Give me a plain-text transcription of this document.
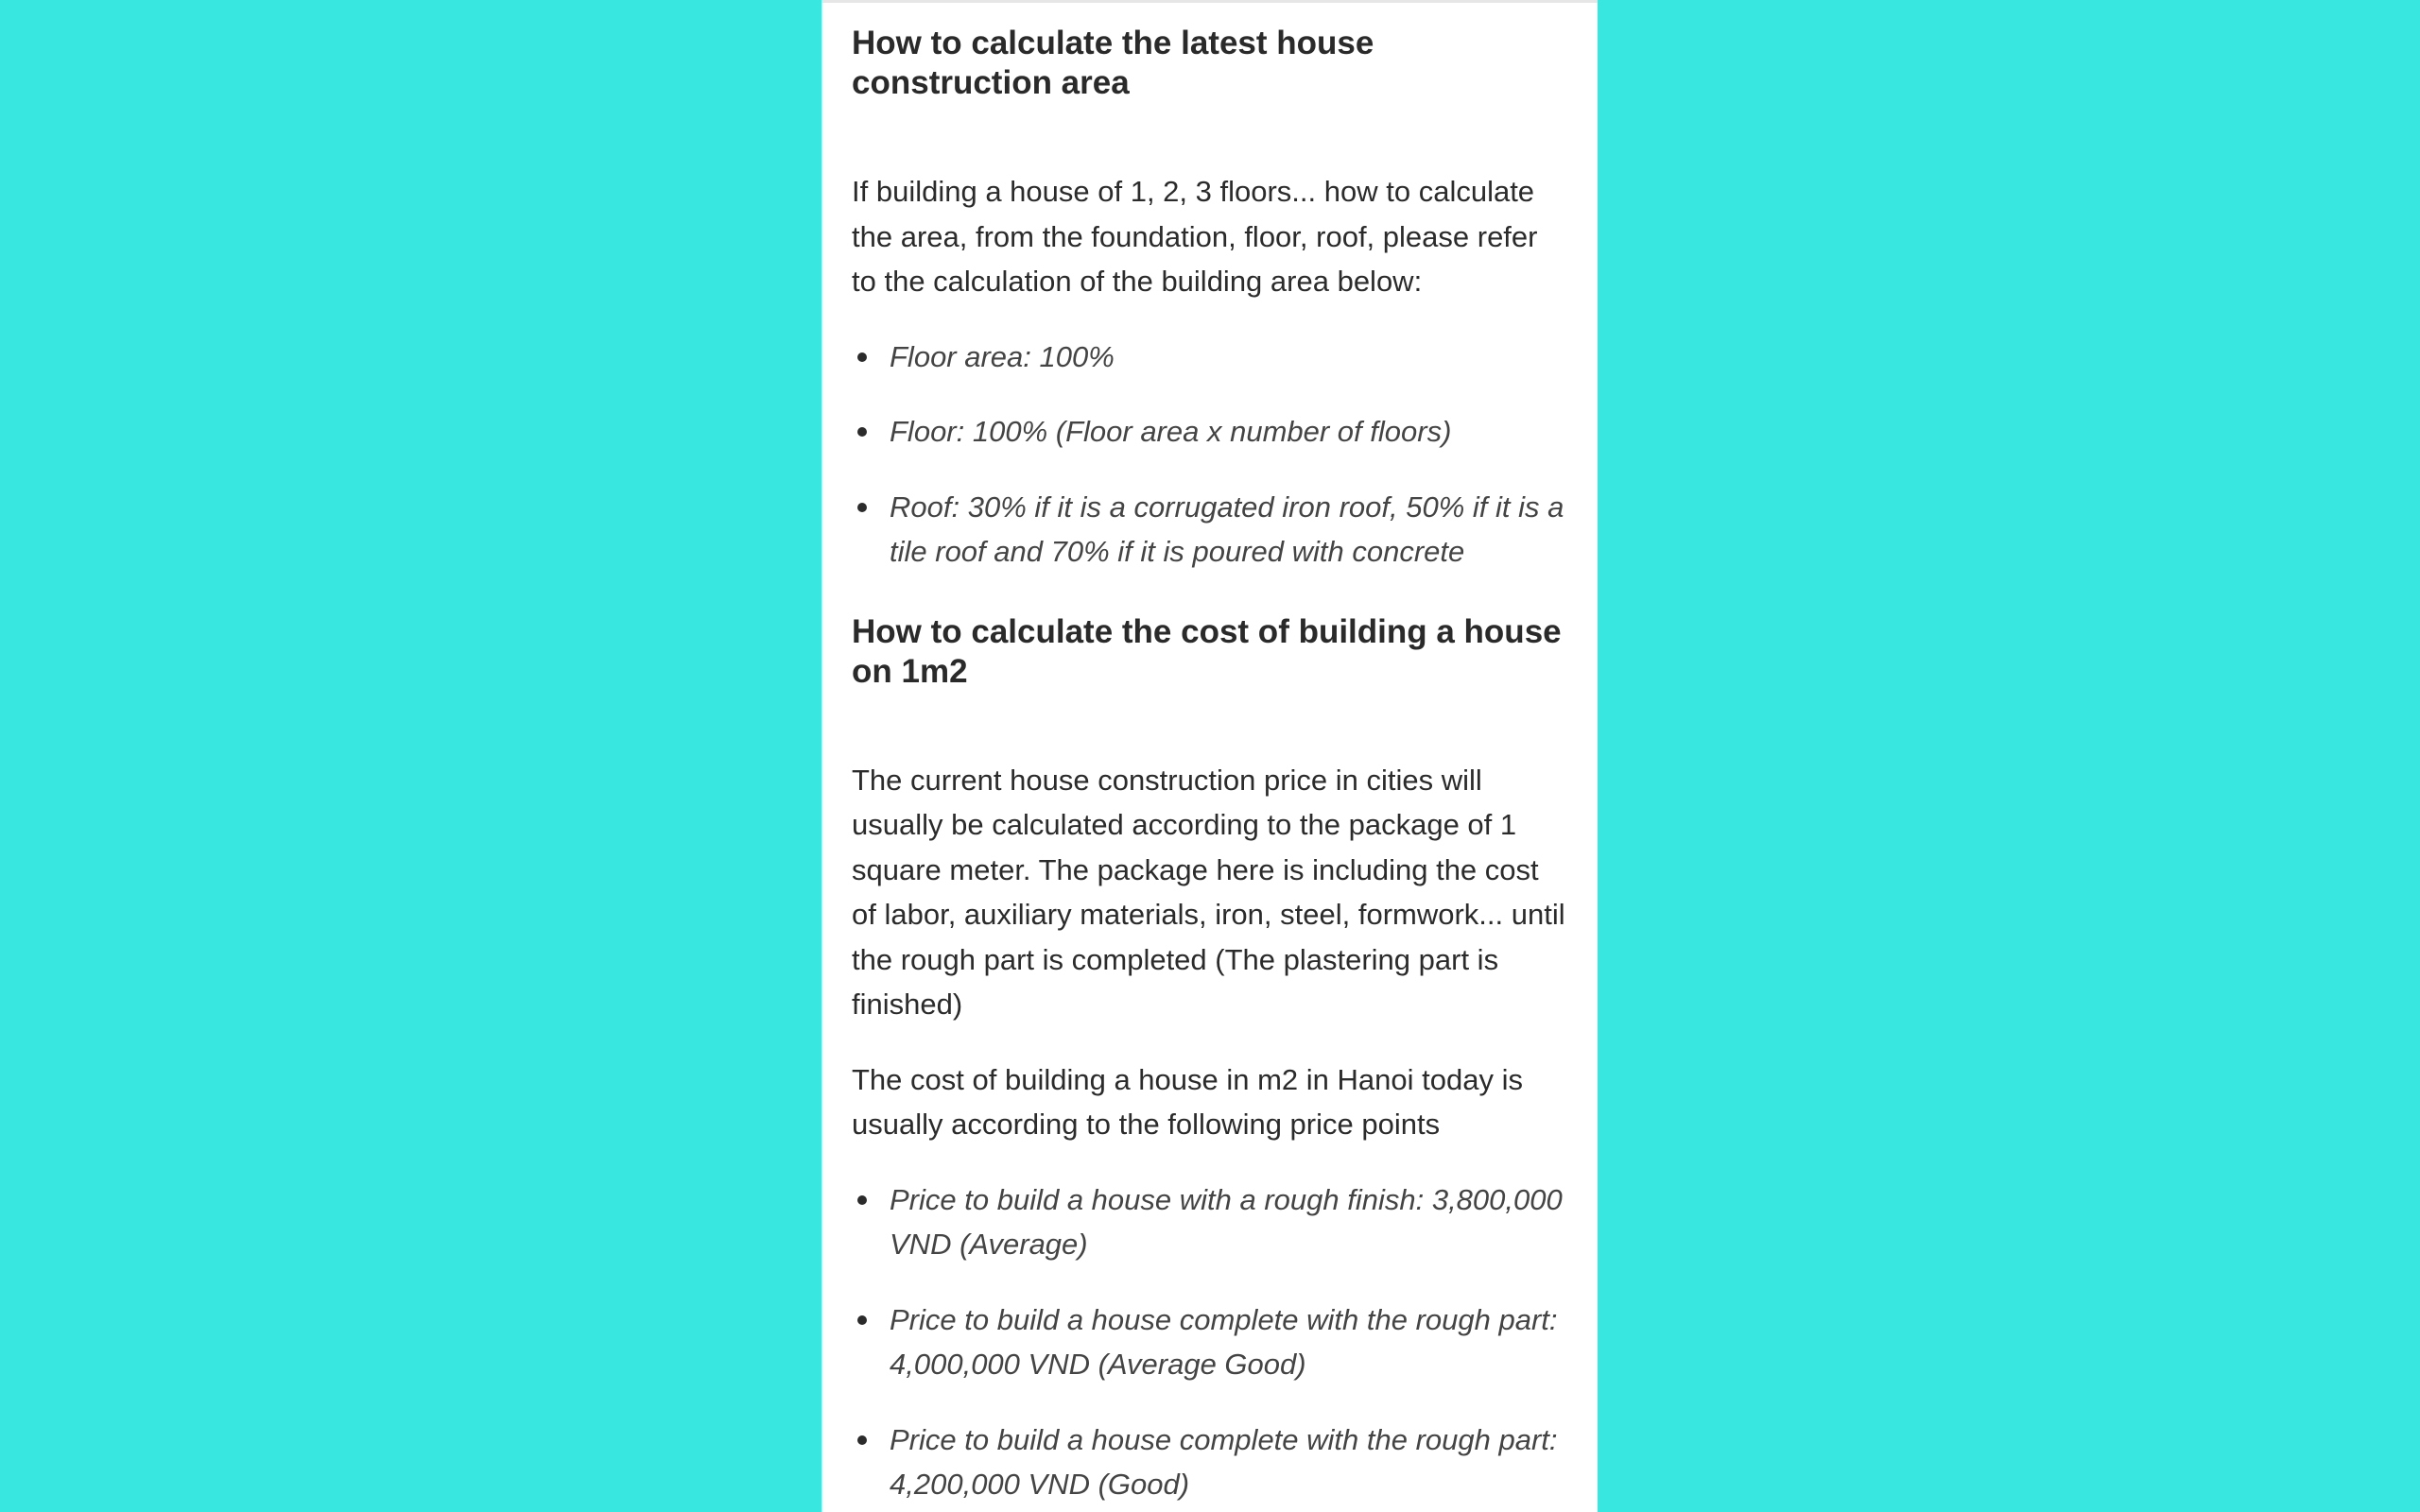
How to calculate the latest house construction area

If building a house of 1, 2, 3 floors... how to calculate the area, from the foundation, floor, roof, please refer to the calculation of the building area below:

Floor area: 100%
Floor: 100% (Floor area x number of floors)
Roof: 30% if it is a corrugated iron roof, 50% if it is a tile roof and 70% if it is poured with concrete
How to calculate the cost of building a house on 1m2

The current house construction price in cities will usually be calculated according to the package of 1 square meter. The package here is including the cost of labor, auxiliary materials, iron, steel, formwork... until the rough part is completed (The plastering part is finished)

The cost of building a house in m2 in Hanoi today is usually according to the following price points

Price to build a house with a rough finish: 3,800,000 VND (Average)
Price to build a house complete with the rough part: 4,000,000 VND (Average Good)
Price to build a house complete with the rough part: 4,200,000 VND (Good)
